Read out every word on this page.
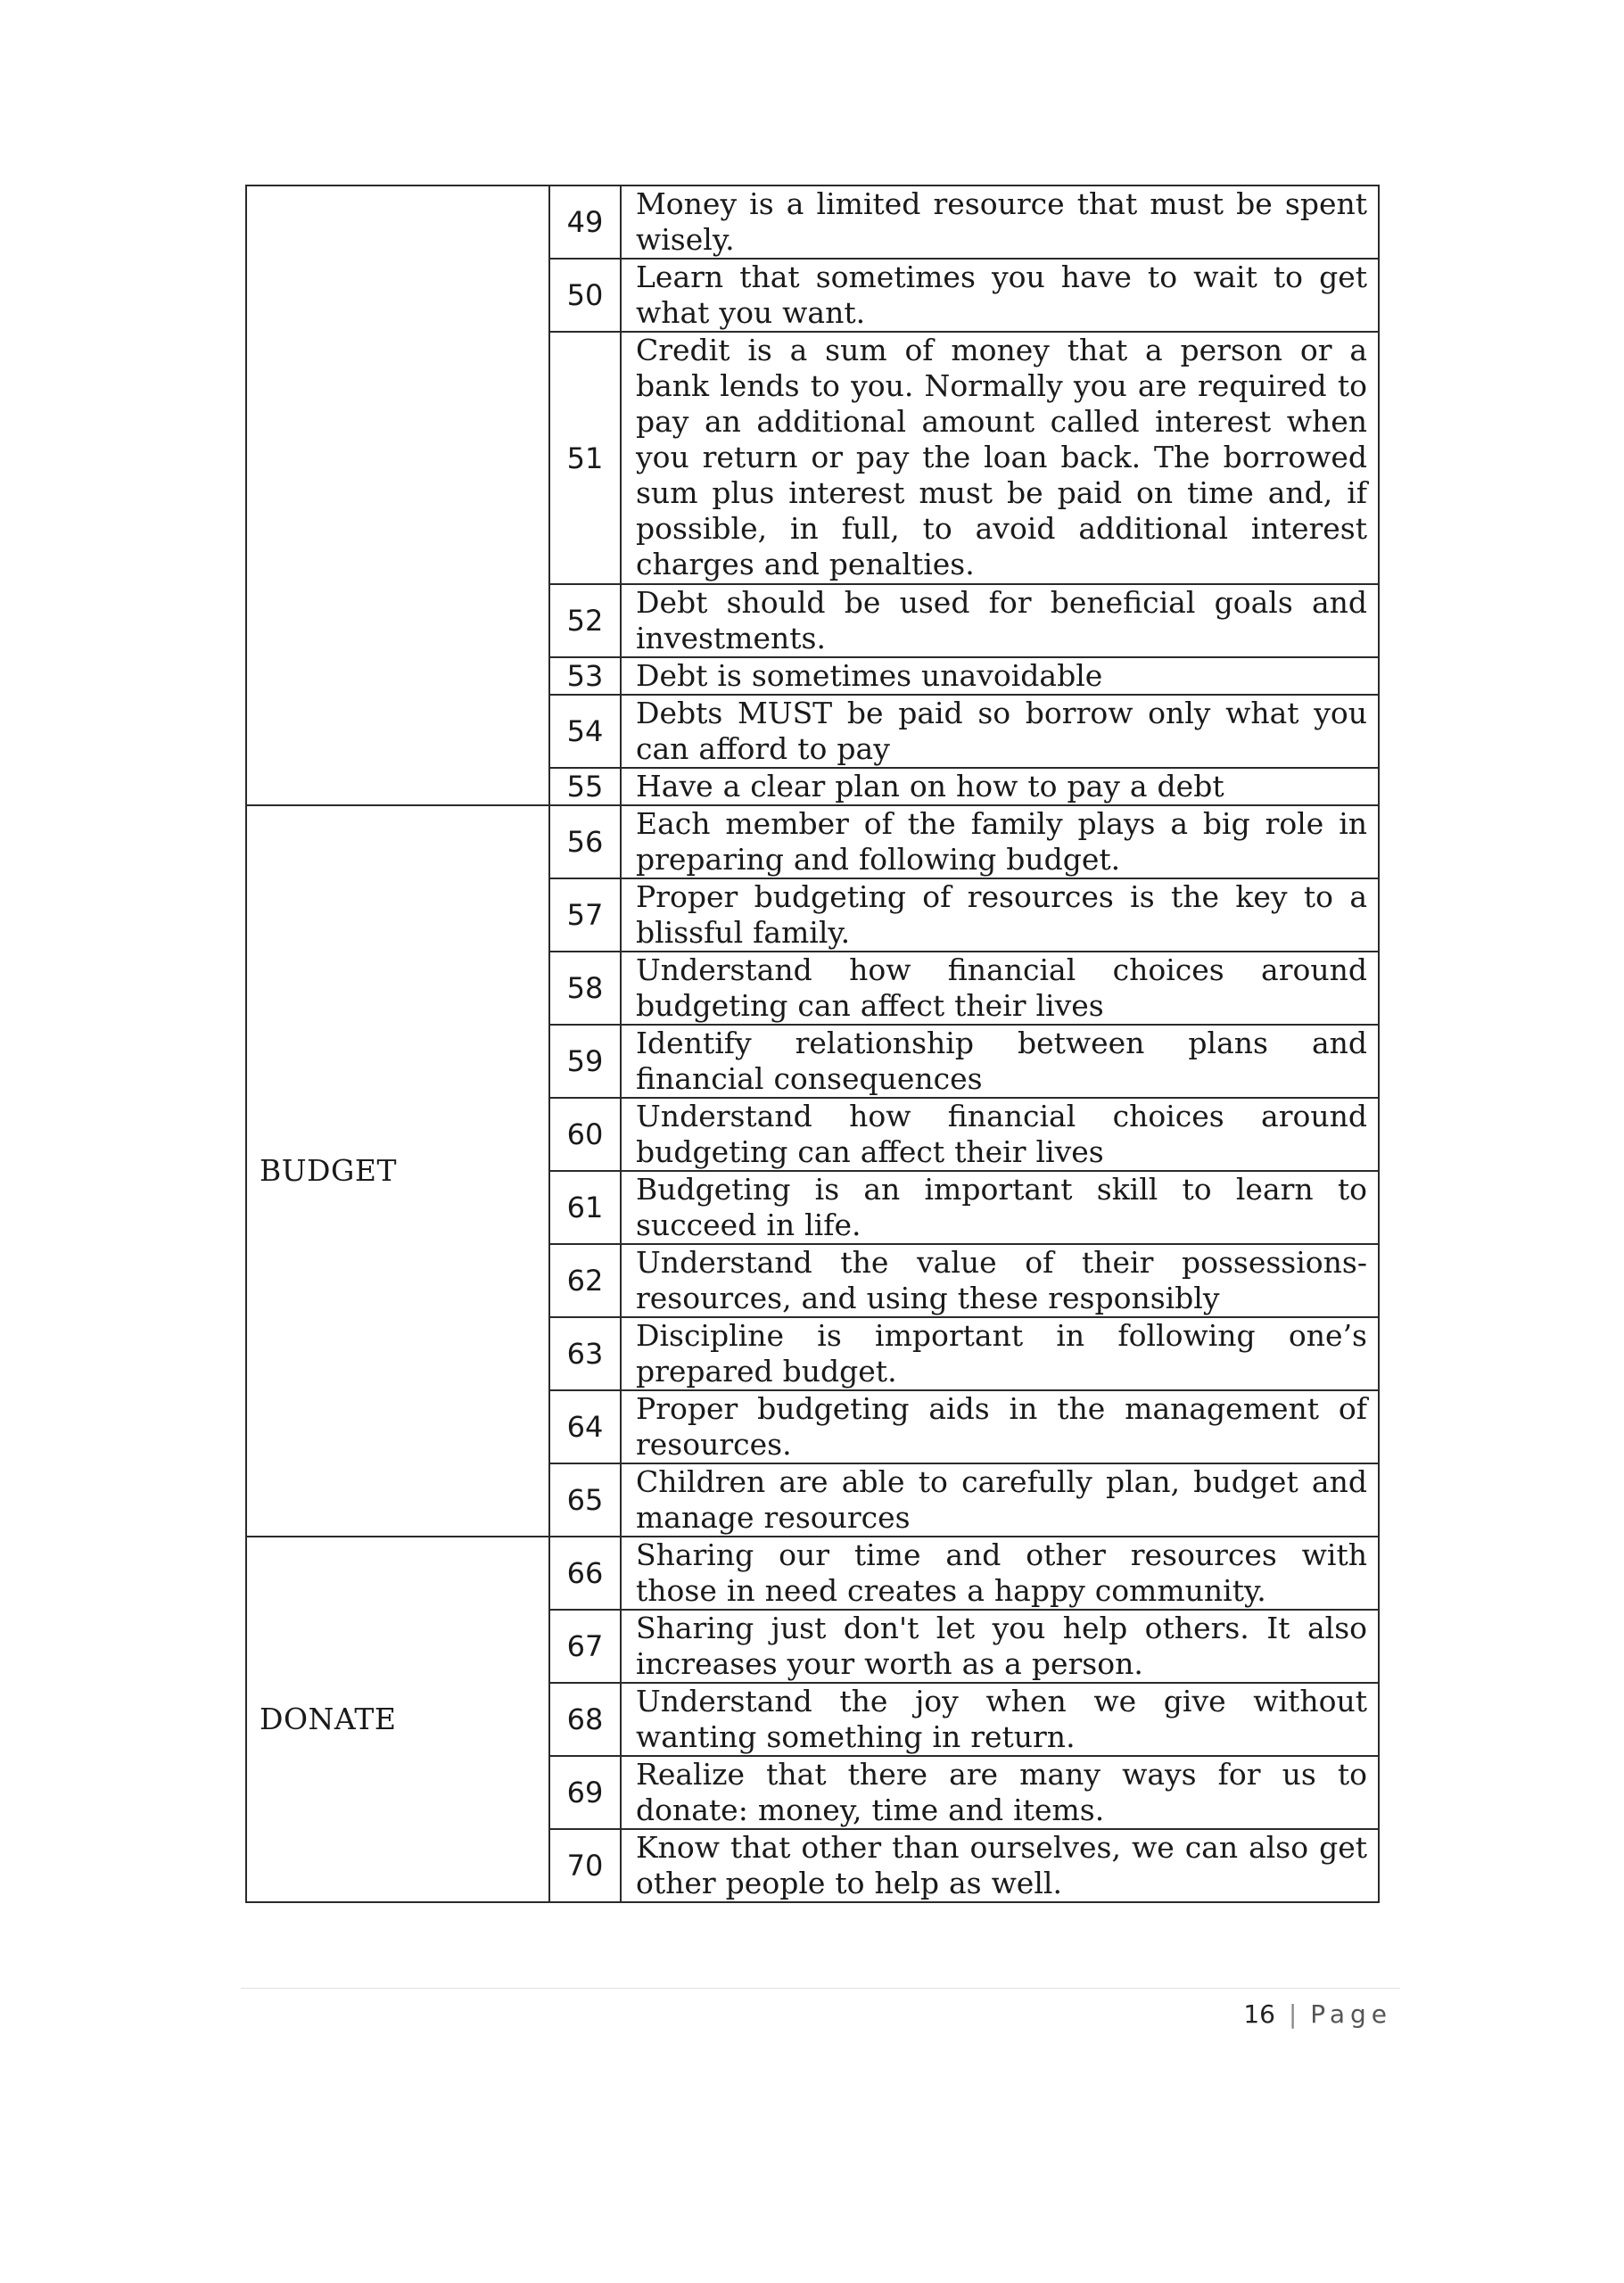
	49	Money is a limited resource that must be spent wisely.
	50	Learn that sometimes you have to wait to get what you want.
	51	Credit is a sum of money that a person or a bank lends to you. Normally you are required to pay an additional amount called interest when you return or pay the loan back. The borrowed sum plus interest must be paid on time and, if possible, in full, to avoid additional interest charges and penalties.
	52	Debt should be used for beneficial goals and investments.
	53	Debt is sometimes unavoidable
	54	Debts MUST be paid so borrow only what you can afford to pay
	55	Have a clear plan on how to pay a debt
BUDGET	56	Each member of the family plays a big role in preparing and following budget.
	57	Proper budgeting of resources is the key to a blissful family.
	58	Understand how financial choices around budgeting can affect their lives
	59	Identify relationship between plans and financial consequences
	60	Understand how financial choices around budgeting can affect their lives
	61	Budgeting is an important skill to learn to succeed in life.
	62	Understand the value of their possessions-resources, and using these responsibly
	63	Discipline is important in following one’s prepared budget.
	64	Proper budgeting aids in the management of resources.
	65	Children are able to carefully plan, budget and manage resources
DONATE	66	Sharing our time and other resources with those in need creates a happy community.
	67	Sharing just don't let you help others. It also increases your worth as a person.
	68	Understand the joy when we give without wanting something in return.
	69	Realize that there are many ways for us to donate: money, time and items.
	70	Know that other than ourselves, we can also get other people to help as well.
16 | Page
